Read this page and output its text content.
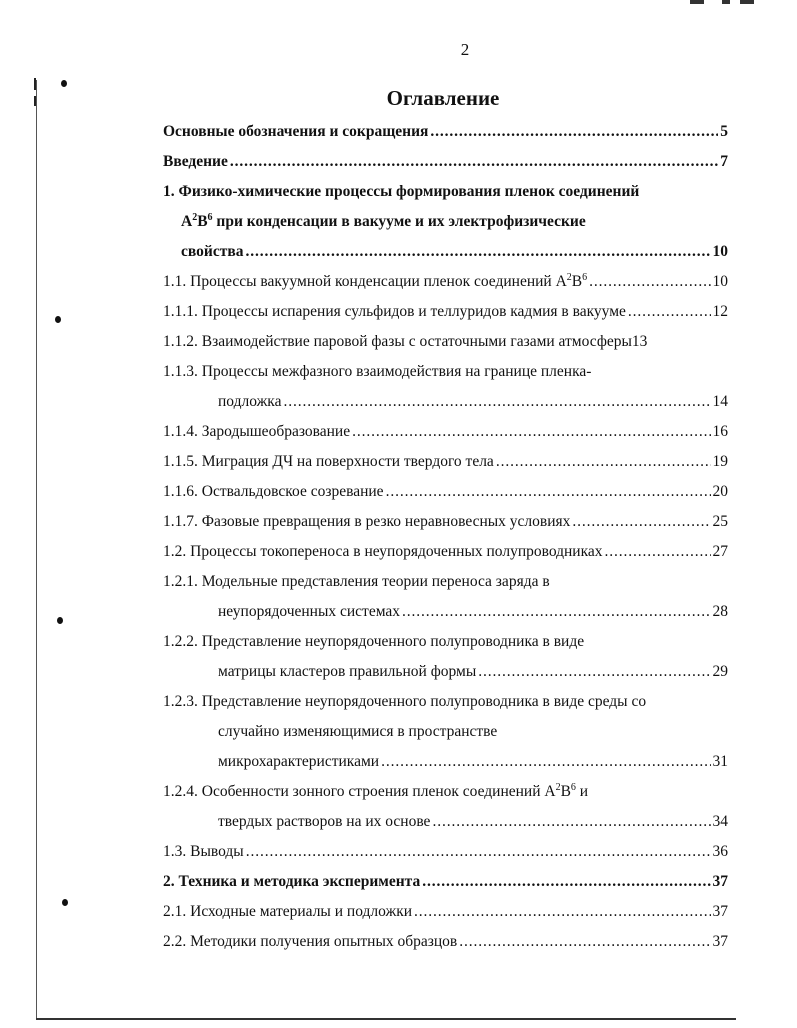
2
Оглавление
Основные обозначения и сокращения . . .	5
Введение . . .	7
1. Физико-химические процессы формирования пленок соединений
$A^2B^6$ при конденсации в вакууме и их электрофизические
свойства . . .	10
1.1. Процессы вакуумной конденсации пленок соединений $A^2B^6$ . . .	10
1.1.1. Процессы испарения сульфидов и теллуридов кадмия в вакууме . . .	12
1.1.2. Взаимодействие паровой фазы с остаточными газами атмосферы 13
1.1.3. Процессы межфазного взаимодействия на границе пленка-
подложка . . .	14
1.1.4. Зародышеобразование . . .	16
1.1.5. Миграция ДЧ на поверхности твердого тела . . .	19
1.1.6. Оствальдовское созревание . . .	20
1.1.7. Фазовые превращения в резко неравновесных условиях . . .	25
1.2. Процессы токопереноса в неупорядоченных полупроводниках . . .	27
1.2.1. Модельные представления теории переноса заряда в
неупорядоченных системах . . .	28
1.2.2. Представление неупорядоченного полупроводника в виде
матрицы кластеров правильной формы . . .	29
1.2.3. Представление неупорядоченного полупроводника в виде среды со
случайно изменяющимися в пространстве
микрохарактеристиками . . .	31
1.2.4. Особенности зонного строения пленок соединений $A^2B^6$ и
твердых растворов на их основе . . .	34
1.3. Выводы . . .	36
2. Техника и методика эксперимента . . .	37
2.1. Исходные материалы и подложки . . .	37
2.2. Методики получения опытных образцов . . .	37
